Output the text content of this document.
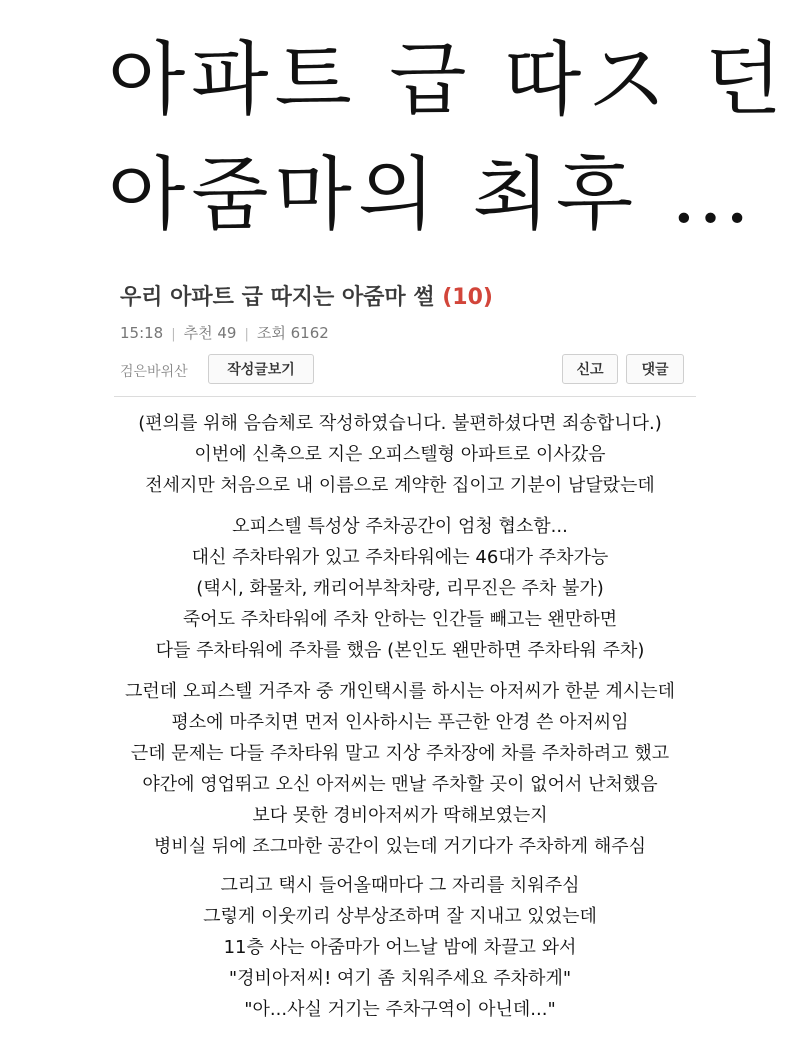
아파트 급 따ス 던
아줌마의 최후 …
우리 아파트 급 따지는 아줌마 썰 (10)
15:18 | 추천 49 | 조회 6162
검은바위산	작성글보기	신고	댓글
(편의를 위해 음슴체로 작성하였습니다. 불편하셨다면 죄송합니다.)
이번에 신축으로 지은 오피스텔형 아파트로 이사갔음
전세지만 처음으로 내 이름으로 계약한 집이고 기분이 남달랐는데
오피스텔 특성상 주차공간이 엄청 협소함...
대신 주차타워가 있고 주차타워에는 46대가 주차가능
(택시, 화물차, 캐리어부착차량, 리무진은 주차 불가)
죽어도 주차타워에 주차 안하는 인간들 빼고는 왠만하면
다들 주차타워에 주차를 했음 (본인도 왠만하면 주차타워 주차)
그런데 오피스텔 거주자 중 개인택시를 하시는 아저씨가 한분 계시는데
평소에 마주치면 먼저 인사하시는 푸근한 안경 쓴 아저씨임
근데 문제는 다들 주차타워 말고 지상 주차장에 차를 주차하려고 했고
야간에 영업뛰고 오신 아저씨는 맨날 주차할 곳이 없어서 난처했음
보다 못한 경비아저씨가 딱해보였는지
병비실 뒤에 조그마한 공간이 있는데 거기다가 주차하게 해주심
그리고 택시 들어올때마다 그 자리를 치워주심
그렇게 이웃끼리 상부상조하며 잘 지내고 있었는데
11층 사는 아줌마가 어느날 밤에 차끌고 와서
"경비아저씨! 여기 좀 치워주세요 주차하게"
"아...사실 거기는 주차구역이 아닌데..."
